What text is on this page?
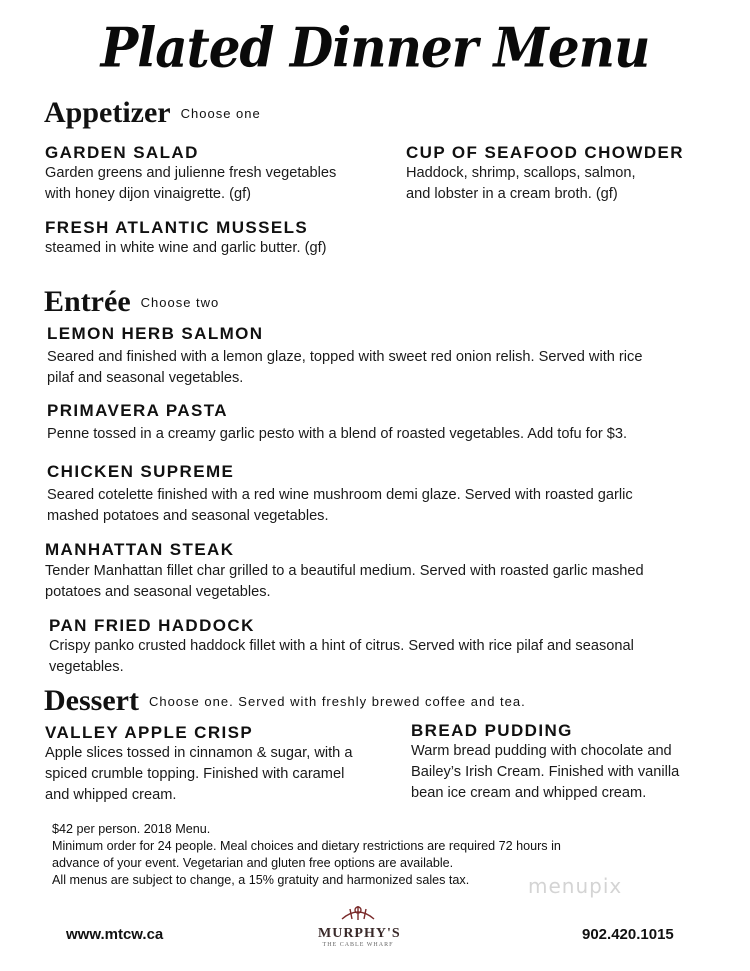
Plated Dinner Menu
Appetizer Choose one
GARDEN SALAD
Garden greens and julienne fresh vegetables
with honey dijon vinaigrette. (gf)
CUP OF SEAFOOD CHOWDER
Haddock, shrimp, scallops, salmon,
and lobster in a cream broth. (gf)
FRESH ATLANTIC MUSSELS
steamed in white wine and garlic butter. (gf)
Entrée Choose two
LEMON HERB SALMON
Seared and finished with a lemon glaze, topped with sweet red onion relish. Served with rice
pilaf and seasonal vegetables.
PRIMAVERA PASTA
Penne tossed in a creamy garlic pesto with a blend of roasted vegetables. Add tofu for $3.
CHICKEN SUPREME
Seared cotelette finished with a red wine mushroom demi glaze. Served with roasted garlic
mashed potatoes and seasonal vegetables.
MANHATTAN STEAK
Tender Manhattan fillet char grilled to a beautiful medium. Served with roasted garlic mashed
potatoes and seasonal vegetables.
PAN FRIED HADDOCK
Crispy panko crusted haddock fillet with a hint of citrus. Served with rice pilaf and seasonal
vegetables.
Dessert Choose one. Served with freshly brewed coffee and tea.
VALLEY APPLE CRISP
Apple slices tossed in cinnamon & sugar, with a
spiced crumble topping. Finished with caramel
and whipped cream.
BREAD PUDDING
Warm bread pudding with chocolate and
Bailey’s Irish Cream. Finished with vanilla
bean ice cream and whipped cream.
$42 per person. 2018 Menu.
Minimum order for 24 people. Meal choices and dietary restrictions are required 72 hours in
advance of your event. Vegetarian and gluten free options are available.
All menus are subject to change, a 15% gratuity and harmonized sales tax.	menupix
www.mtcw.ca	MURPHY'S
THE CABLE WHARF
902.420.1015
